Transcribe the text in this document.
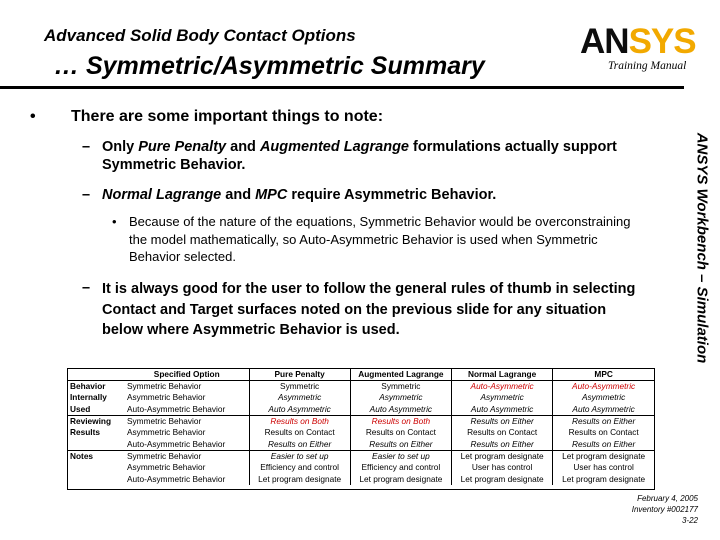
Advanced Solid Body Contact Options
… Symmetric/Asymmetric Summary
ANSYS
Training Manual
ANSYS Workbench – Simulation
• There are some important things to note:
– Only Pure Penalty and Augmented Lagrange formulations actually support Symmetric Behavior.
– Normal Lagrange and MPC require Asymmetric Behavior.
• Because of the nature of the equations, Symmetric Behavior would be overconstraining the model mathematically, so Auto-Asymmetric Behavior is used when Symmetric Behavior selected.
– It is always good for the user to follow the general rules of thumb in selecting Contact and Target surfaces noted on the previous slide for any situation below where Asymmetric Behavior is used.
	Specified Option	Pure Penalty	Augmented Lagrange	Normal Lagrange	MPC
Behavior	Symmetric Behavior	Symmetric	Symmetric	Auto-Asymmetric	Auto-Asymmetric
Internally	Asymmetric Behavior	Asymmetric	Asymmetric	Asymmetric	Asymmetric
Used	Auto-Asymmetric Behavior	Auto Asymmetric	Auto Asymmetric	Auto Asymmetric	Auto Asymmetric
Reviewing	Symmetric Behavior	Results on Both	Results on Both	Results on Either	Results on Either
Results	Asymmetric Behavior	Results on Contact	Results on Contact	Results on Contact	Results on Contact
	Auto-Asymmetric Behavior	Results on Either	Results on Either	Results on Either	Results on Either
Notes	Symmetric Behavior	Easier to set up	Easier to set up	Let program designate	Let program designate
	Asymmetric Behavior	Efficiency and control	Efficiency and control	User has control	User has control
	Auto-Asymmetric Behavior	Let program designate	Let program designate	Let program designate	Let program designate
February 4, 2005
Inventory #002177
3-22
